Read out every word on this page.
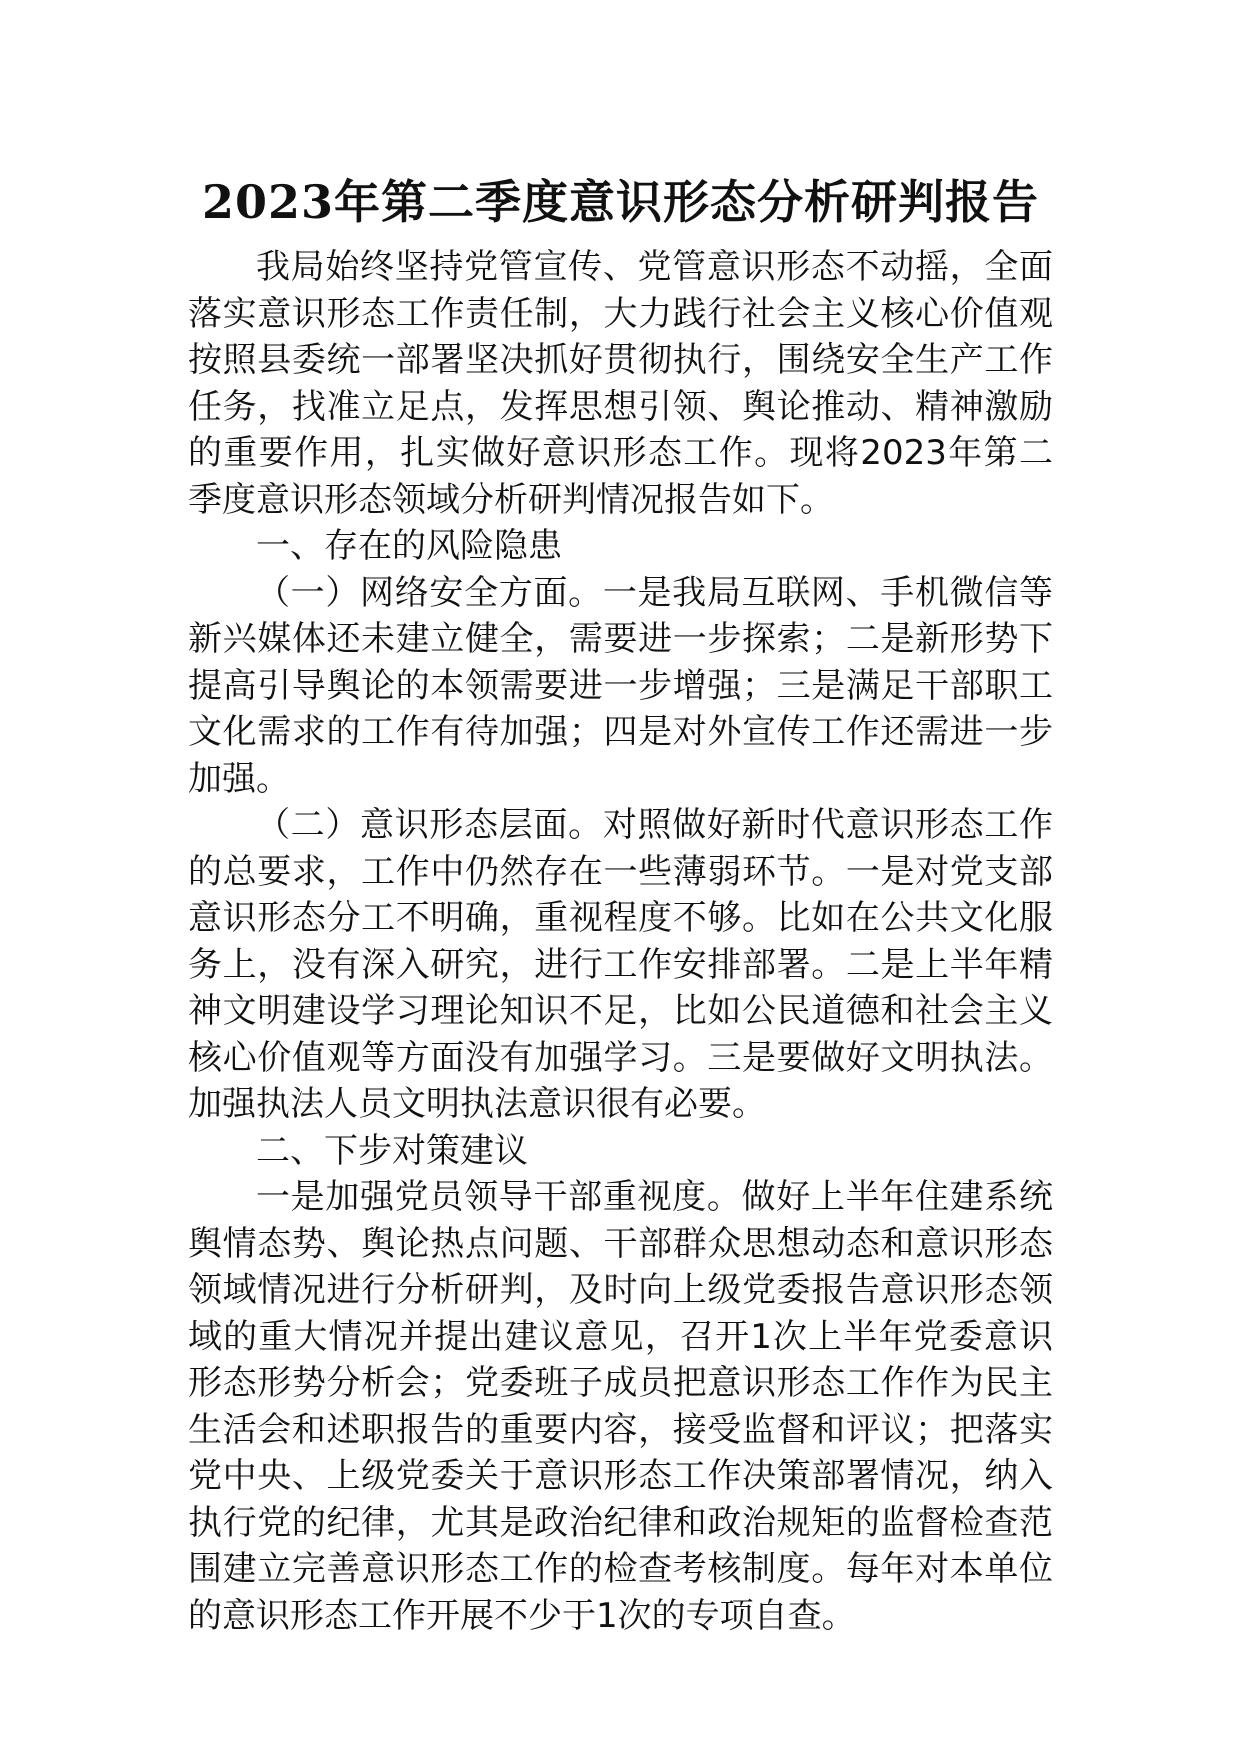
2023年第二季度意识形态分析研判报告

我局始终坚持党管宣传、党管意识形态不动摇，全面落实意识形态工作责任制，大力践行社会主义核心价值观按照县委统一部署坚决抓好贯彻执行，围绕安全生产工作任务，找准立足点，发挥思想引领、舆论推动、精神激励的重要作用，扎实做好意识形态工作。现将2023年第二季度意识形态领域分析研判情况报告如下。

一、存在的风险隐患

（一）网络安全方面。一是我局互联网、手机微信等新兴媒体还未建立健全，需要进一步探索；二是新形势下提高引导舆论的本领需要进一步增强；三是满足干部职工文化需求的工作有待加强；四是对外宣传工作还需进一步加强。

（二）意识形态层面。对照做好新时代意识形态工作的总要求，工作中仍然存在一些薄弱环节。一是对党支部意识形态分工不明确，重视程度不够。比如在公共文化服务上，没有深入研究，进行工作安排部署。二是上半年精神文明建设学习理论知识不足，比如公民道德和社会主义核心价值观等方面没有加强学习。三是要做好文明执法。加强执法人员文明执法意识很有必要。

二、下步对策建议

一是加强党员领导干部重视度。做好上半年住建系统舆情态势、舆论热点问题、干部群众思想动态和意识形态领域情况进行分析研判，及时向上级党委报告意识形态领域的重大情况并提出建议意见，召开1次上半年党委意识形态形势分析会；党委班子成员把意识形态工作作为民主生活会和述职报告的重要内容，接受监督和评议；把落实党中央、上级党委关于意识形态工作决策部署情况，纳入执行党的纪律，尤其是政治纪律和政治规矩的监督检查范围建立完善意识形态工作的检查考核制度。每年对本单位的意识形态工作开展不少于1次的专项自查。
